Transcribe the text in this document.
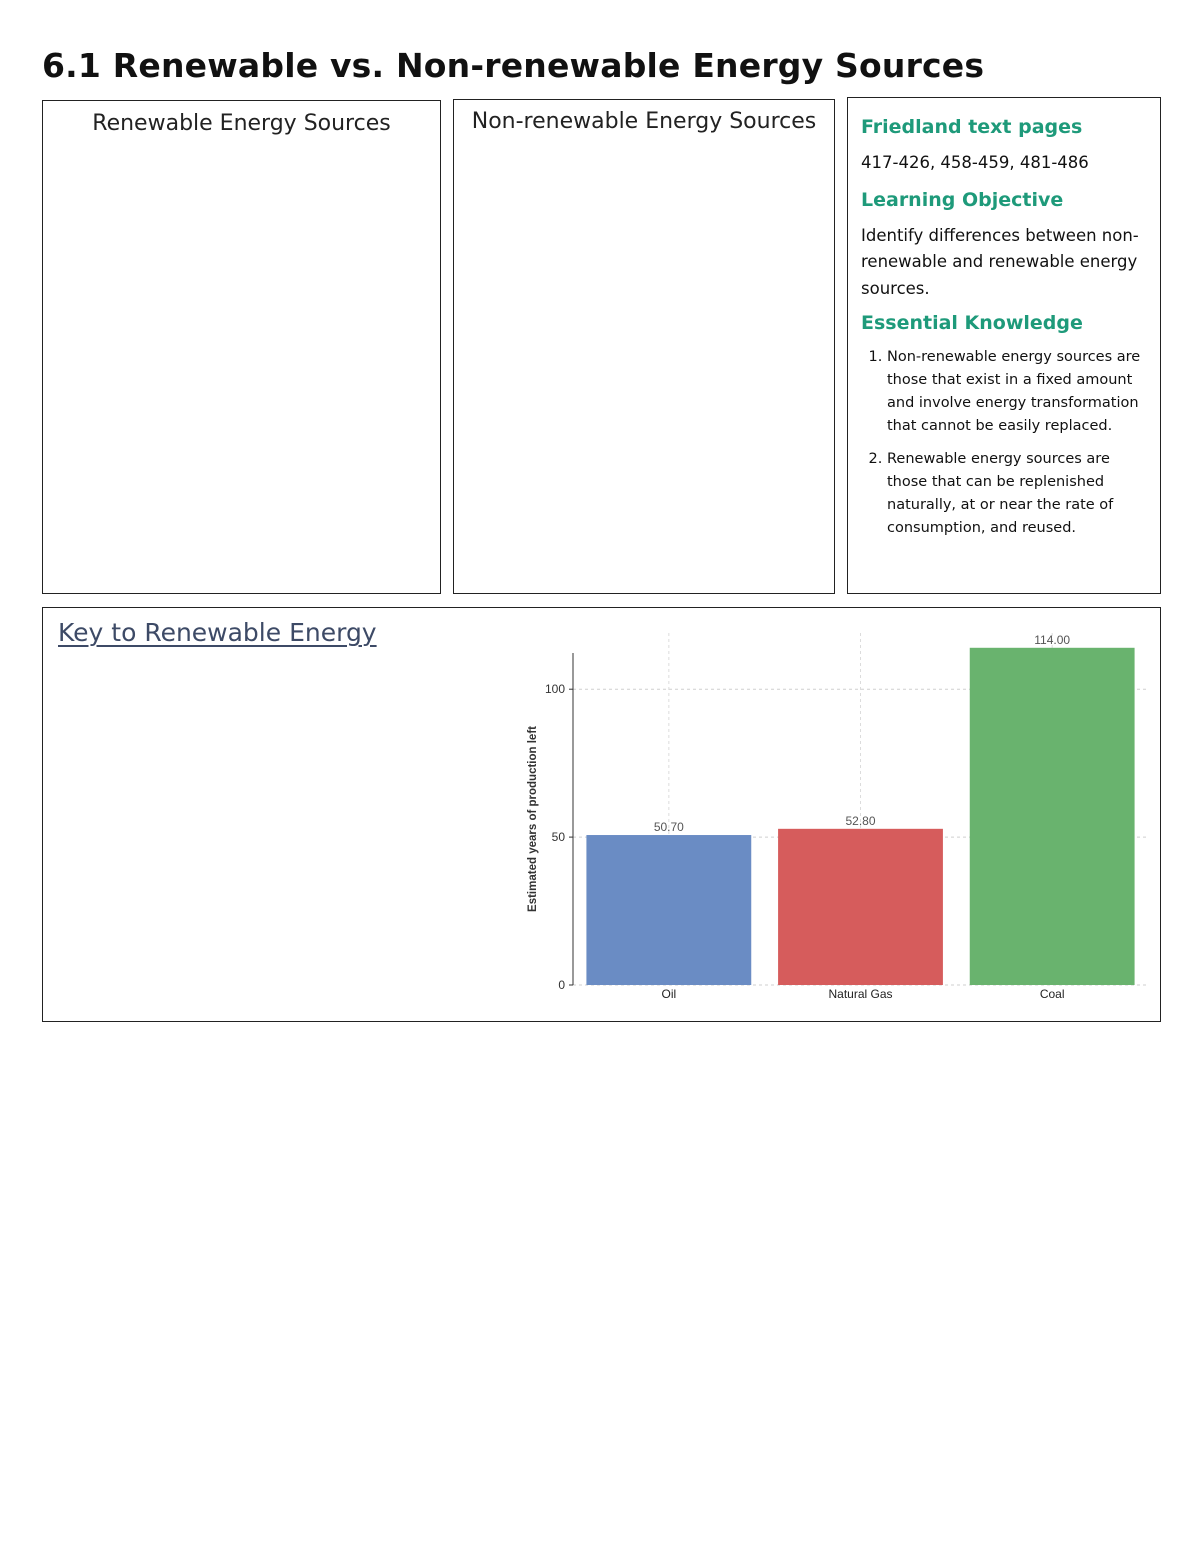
6.1 Renewable vs. Non-renewable Energy Sources
Renewable Energy Sources	Non-renewable Energy Sources	Friedland text pages

417-426, 458-459, 481-486

Learning Objective

Identify differences between non-renewable and renewable energy sources.

Essential Knowledge

1. Non-renewable energy sources are those that exist in a fixed amount and involve energy transformation that cannot be easily replaced.
2. Renewable energy sources are those that can be replenished naturally, at or near the rate of consumption, and reused.
Key to Renewable Energy
0
50
100
50.70
Oil
52.80
Natural Gas
114.00
Coal
Estimated years of production left
